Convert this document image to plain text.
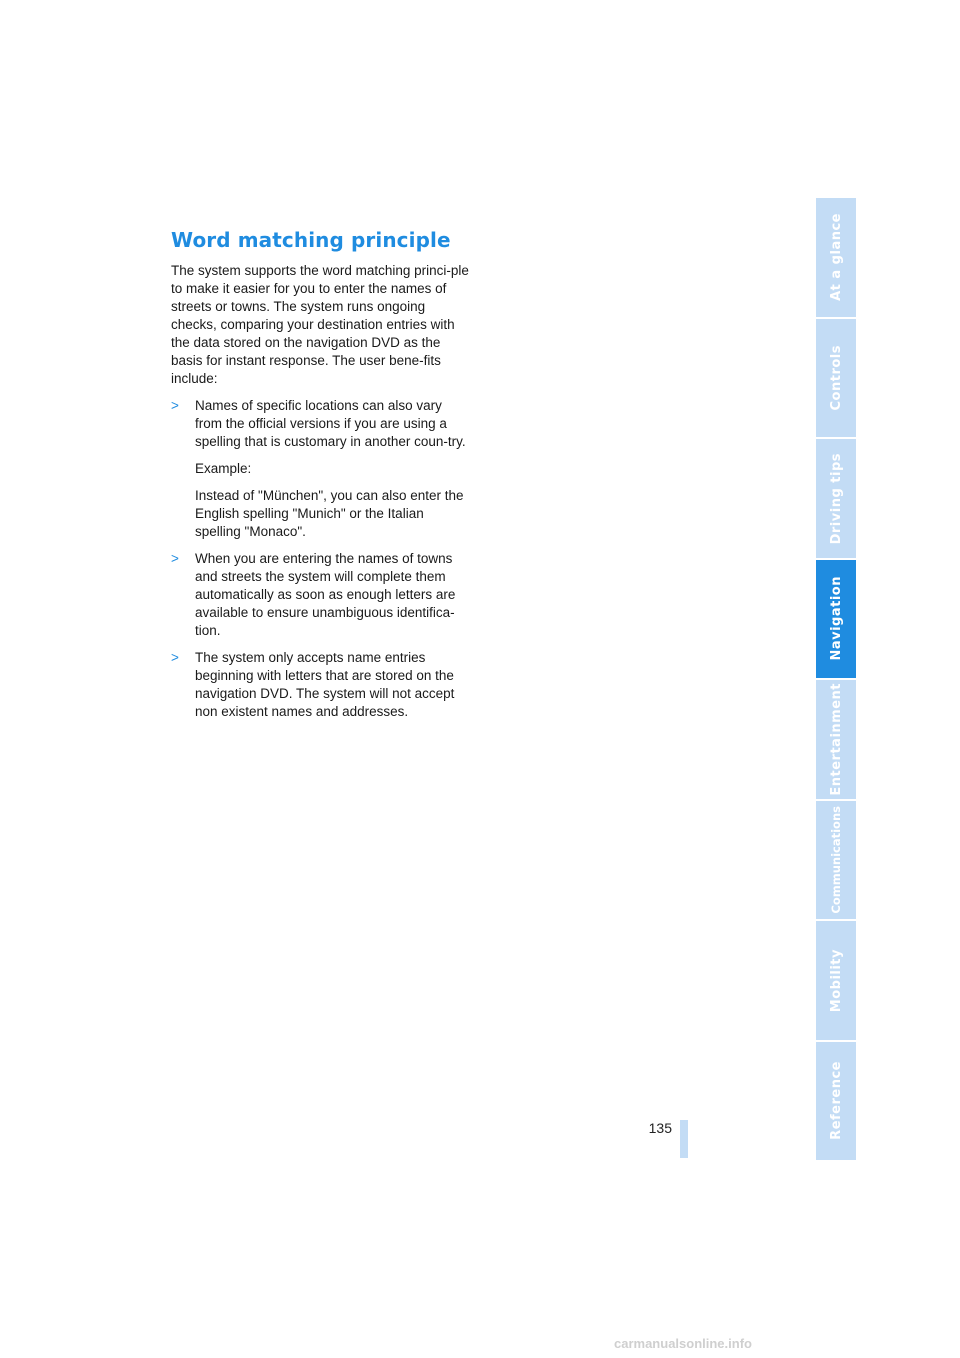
Word matching principle

The system supports the word matching princi-ple to make it easier for you to enter the names of streets or towns. The system runs ongoing checks, comparing your destination entries with the data stored on the navigation DVD as the basis for instant response. The user bene-fits include:

> Names of specific locations can also vary from the official versions if you are using a spelling that is customary in another coun-try.

Example:

Instead of "München", you can also enter the English spelling "Munich" or the Italian spelling "Monaco".

> When you are entering the names of towns and streets the system will complete them automatically as soon as enough letters are available to ensure unambiguous identifica-tion.

> The system only accepts name entries beginning with letters that are stored on the navigation DVD. The system will not accept non existent names and addresses.

135
At a glance
Controls
Driving tips
Navigation
Entertainment
Communications
Mobility
Reference
carmanualsonline.info
